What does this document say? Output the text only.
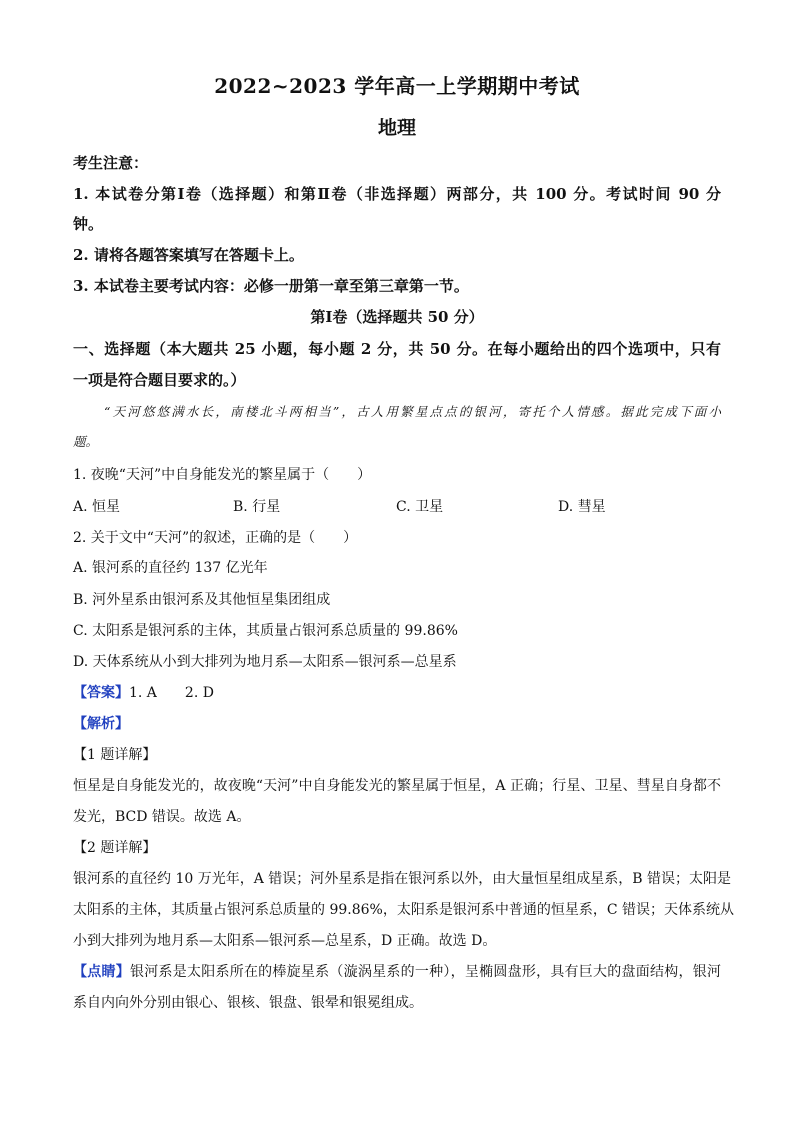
2022~2023 学年高一上学期期中考试
地理
考生注意：
1. 本试卷分第Ⅰ卷（选择题）和第Ⅱ卷（非选择题）两部分，共 100 分。考试时间 90 分
钟。
2. 请将各题答案填写在答题卡上。
3. 本试卷主要考试内容：必修一册第一章至第三章第一节。
第Ⅰ卷（选择题共 50 分）
一、选择题（本大题共 25 小题，每小题 2 分，共 50 分。在每小题给出的四个选项中，只有
一项是符合题目要求的。）
“天河悠悠满水长，南楼北斗两相当”，古人用繁星点点的银河，寄托个人情感。据此完成下面小
题。
1. 夜晚“天河”中自身能发光的繁星属于（　　）
A. 恒星	B. 行星	C. 卫星	D. 彗星
2. 关于文中“天河”的叙述，正确的是（　　）
A. 银河系的直径约 137 亿光年
B. 河外星系由银河系及其他恒星集团组成
C. 太阳系是银河系的主体，其质量占银河系总质量的 99.86%
D. 天体系统从小到大排列为地月系—太阳系—银河系—总星系
【答案】1. A　　2. D
【解析】
【1 题详解】
恒星是自身能发光的，故夜晚“天河”中自身能发光的繁星属于恒星，A 正确；行星、卫星、彗星自身都不
发光，BCD 错误。故选 A。
【2 题详解】
银河系的直径约 10 万光年，A 错误；河外星系是指在银河系以外，由大量恒星组成星系，B 错误；太阳是
太阳系的主体，其质量占银河系总质量的 99.86%，太阳系是银河系中普通的恒星系，C 错误；天体系统从
小到大排列为地月系—太阳系—银河系—总星系，D 正确。故选 D。
【点睛】银河系是太阳系所在的棒旋星系（漩涡星系的一种），呈椭圆盘形，具有巨大的盘面结构，银河
系自内向外分别由银心、银核、银盘、银晕和银冕组成。
